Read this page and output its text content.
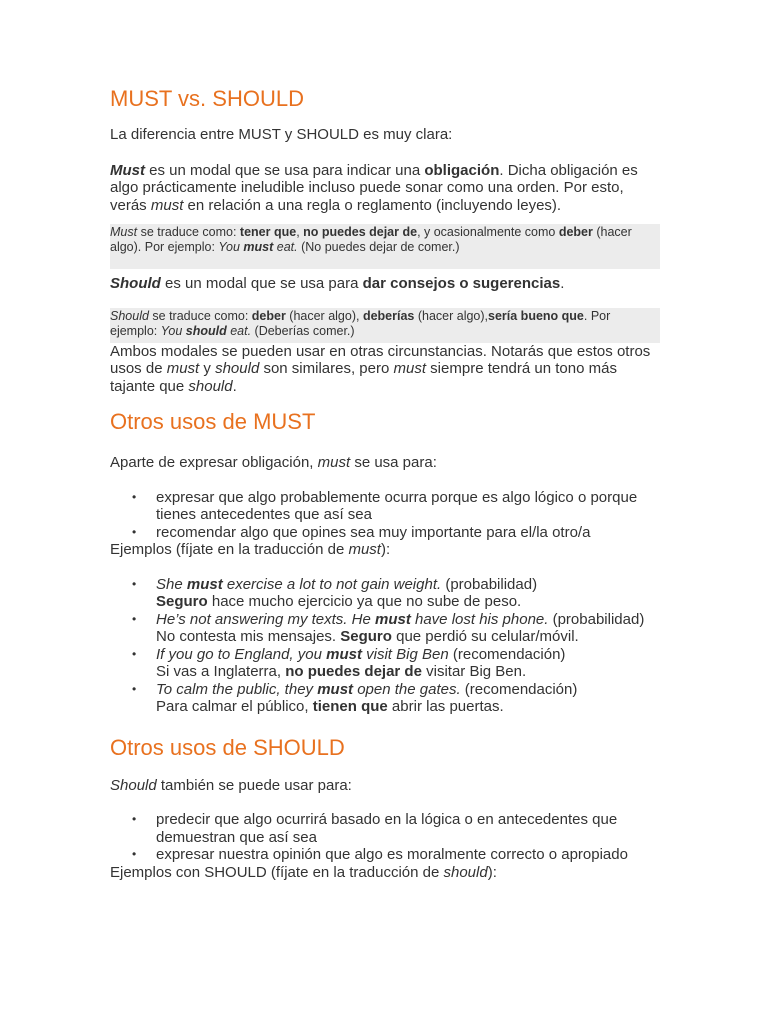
MUST vs. SHOULD

La diferencia entre MUST y SHOULD es muy clara:

Must es un modal que se usa para indicar una obligación. Dicha obligación es algo prácticamente ineludible incluso puede sonar como una orden. Por esto, verás must en relación a una regla o reglamento (incluyendo leyes).

Must se traduce como: tener que, no puedes dejar de, y ocasionalmente como deber (hacer algo). Por ejemplo: You must eat. (No puedes dejar de comer.)

Should es un modal que se usa para dar consejos o sugerencias.

Should se traduce como: deber (hacer algo), deberías (hacer algo),sería bueno que. Por ejemplo: You should eat. (Deberías comer.)

Ambos modales se pueden usar en otras circunstancias. Notarás que estos otros usos de must y should son similares, pero must siempre tendrá un tono más tajante que should.

Otros usos de MUST

Aparte de expresar obligación, must se usa para:

• expresar que algo probablemente ocurra porque es algo lógico o porque tienes antecedentes que así sea
• recomendar algo que opines sea muy importante para el/la otro/a

Ejemplos (fíjate en la traducción de must):

• She must exercise a lot to not gain weight. (probabilidad)
Seguro hace mucho ejercicio ya que no sube de peso.
• He’s not answering my texts. He must have lost his phone. (probabilidad)
No contesta mis mensajes. Seguro que perdió su celular/móvil.
• If you go to England, you must visit Big Ben (recomendación)
Si vas a Inglaterra, no puedes dejar de visitar Big Ben.
• To calm the public, they must open the gates. (recomendación)
Para calmar el público, tienen que abrir las puertas.
Otros usos de SHOULD

Should también se puede usar para:

• predecir que algo ocurrirá basado en la lógica o en antecedentes que demuestran que así sea
• expresar nuestra opinión que algo es moralmente correcto o apropiado

Ejemplos con SHOULD (fíjate en la traducción de should):
